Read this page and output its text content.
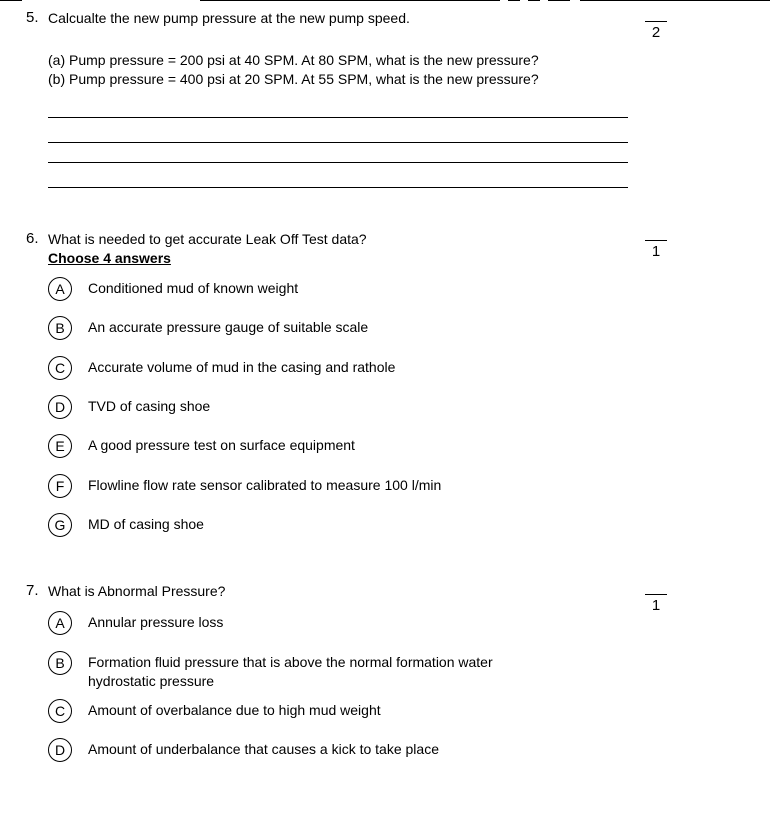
5. Calcualte the new pump pressure at the new pump speed.
2
(a) Pump pressure = 200 psi at 40 SPM. At 80 SPM, what is the new pressure?
(b) Pump pressure = 400 psi at 20 SPM. At 55 SPM, what is the new pressure?
6. What is needed to get accurate Leak Off Test data?
Choose 4 answers	1
A	Conditioned mud of known weight
B	An accurate pressure gauge of suitable scale
C	Accurate volume of mud in the casing and rathole
D	TVD of casing shoe
E	A good pressure test on surface equipment
F	Flowline flow rate sensor calibrated to measure 100 l/min
G	MD of casing shoe
7. What is Abnormal Pressure?
1
A	Annular pressure loss
B	Formation fluid pressure that is above the normal formation water hydrostatic pressure
C	Amount of overbalance due to high mud weight
D	Amount of underbalance that causes a kick to take place
